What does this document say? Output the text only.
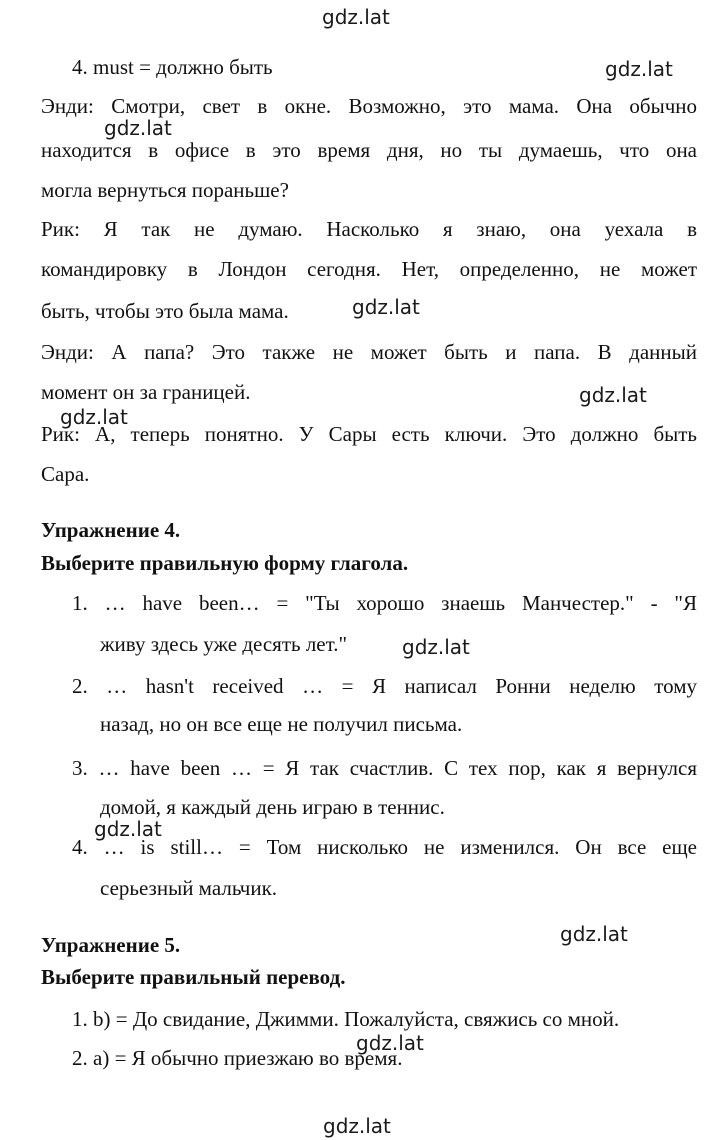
4. must = должно быть
Энди: Смотри, свет в окне. Возможно, это мама. Она обычно
находится в офисе в это время дня, но ты думаешь, что она
могла вернуться пораньше?
Рик: Я так не думаю. Насколько я знаю, она уехала в
командировку в Лондон сегодня. Нет, определенно, не может
быть, чтобы это была мама.
Энди: А папа? Это также не может быть и папа. В данный
момент он за границей.
Рик: А, теперь понятно. У Сары есть ключи. Это должно быть
Сара.
Упражнение 4.
Выберите правильную форму глагола.
1. … have been… = "Ты хорошо знаешь Манчестер." - "Я
живу здесь уже десять лет."
2. … hasn't received … = Я написал Ронни неделю тому
назад, но он все еще не получил письма.
3. … have been … = Я так счастлив. С тех пор, как я вернулся
домой, я каждый день играю в теннис.
4. … is still… = Том нисколько не изменился. Он все еще
серьезный мальчик.
Упражнение 5.
Выберите правильный перевод.
1. b) = До свидание, Джимми. Пожалуйста, свяжись со мной.
2. a) = Я обычно приезжаю во время.
gdz.lat
gdz.lat
gdz.lat
gdz.lat
gdz.lat
gdz.lat
gdz.lat
gdz.lat
gdz.lat
gdz.lat
gdz.lat
